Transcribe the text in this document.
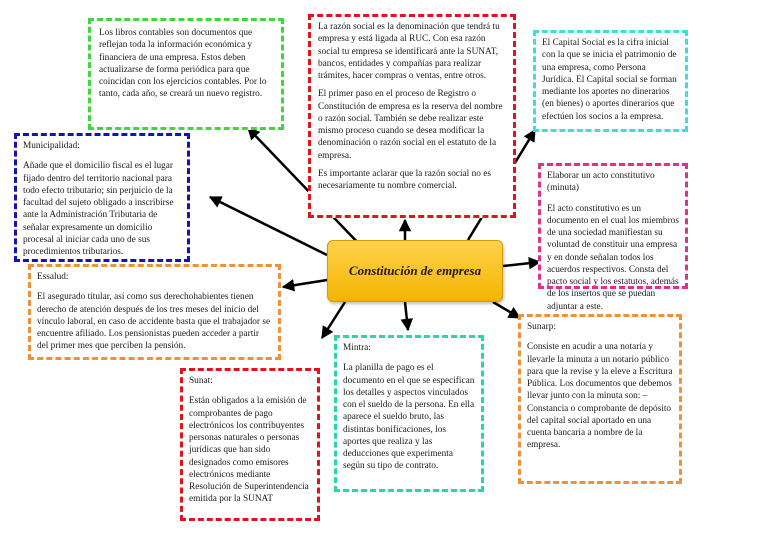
Los libros contables son documentos que reflejan toda la información económica y financiera de una empresa. Estos deben actualizarse de forma periódica para que coincidan con los ejercicios contables. Por lo tanto, cada año, se creará un nuevo registro.

La razón social es la denominación que tendrá tu empresa y está ligada al RUC. Con esa razón social tu empresa se identificará ante la SUNAT, bancos, entidades y compañías para realizar trámites, hacer compras o ventas, entre otros.

El primer paso en el proceso de Registro o Constitución de empresa es la reserva del nombre o razón social. También se debe realizar este mismo proceso cuando se desea modificar la denominación o razón social en el estatuto de la empresa.

Es importante aclarar que la razón social no es necesariamente tu nombre comercial.

El Capital Social es la cifra inicial con la que se inicia el patrimonio de una empresa, como Persona Jurídica. El Capital social se forman mediante los aportes no dinerarios (en bienes) o aportes dinerarios que efectúen los socios a la empresa.

Municipalidad:

Añade que el domicilio fiscal es el lugar fijado dentro del territorio nacional para todo efecto tributario; sin perjuicio de la facultad del sujeto obligado a inscribirse ante la Administración Tributaria de señalar expresamente un domicilio procesal al iniciar cada uno de sus procedimientos tributarios.

Elaborar un acto constitutivo (minuta)

El acto constitutivo es un documento en el cual los miembros de una sociedad manifiestan su voluntad de constituir una empresa y en donde señalan todos los acuerdos respectivos. Consta del pacto social y los estatutos, además de los insertos que se puedan adjuntar a este.

Essalud:

El asegurado titular, así como sus derechohabientes tienen derecho de atención después de los tres meses del inicio del vínculo laboral, en caso de accidente basta que el trabajador se encuentre afiliado. Los pensionistas pueden acceder a partir del primer mes que perciben la pensión.

Sunarp:

Consiste en acudir a una notaría y llevarle la minuta a un notario público para que la revise y la eleve a Escritura Pública. Los documentos que debemos llevar junto con la minuta son: – Constancia o comprobante de depósito del capital social aportado en una cuenta bancaria a nombre de la empresa.

Mintra:

La planilla de pago es el documento en el que se especifican los detalles y aspectos vinculados con el sueldo de la persona. En ella aparece el sueldo bruto, las distintas bonificaciones, los aportes que realiza y las deducciones que experimenta según su tipo de contrato.

Sunat:

Están obligados a la emisión de comprobantes de pago electrónicos los contribuyentes personas naturales o personas jurídicas que han sido designados como emisores electrónicos mediante Resolución de Superintendencia emitida por la SUNAT

Constitución de empresa
